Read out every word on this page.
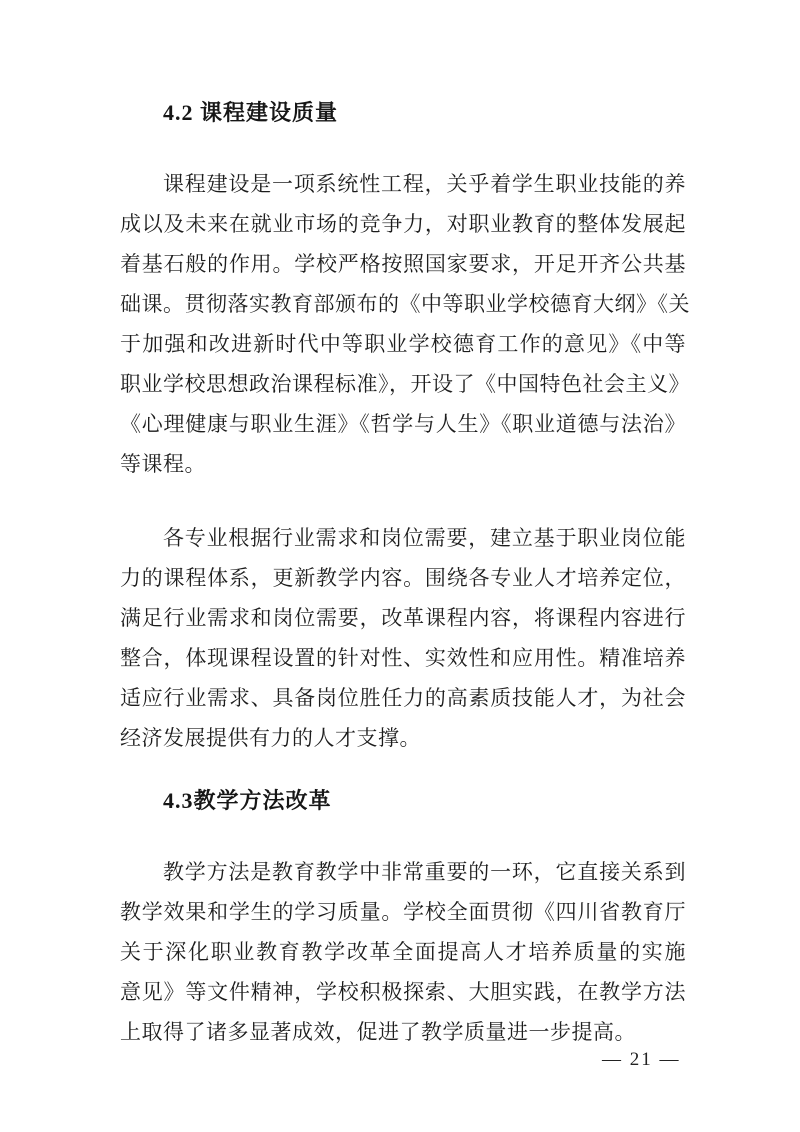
4.2 课程建设质量
课程建设是一项系统性工程，关乎着学生职业技能的养
成以及未来在就业市场的竞争力，对职业教育的整体发展起
着基石般的作用。学校严格按照国家要求，开足开齐公共基
础课。贯彻落实教育部颁布的《中等职业学校德育大纲》《关
于加强和改进新时代中等职业学校德育工作的意见》《中等
职业学校思想政治课程标准》，开设了《中国特色社会主义》
《心理健康与职业生涯》《哲学与人生》《职业道德与法治》
等课程。
各专业根据行业需求和岗位需要，建立基于职业岗位能
力的课程体系，更新教学内容。围绕各专业人才培养定位，
满足行业需求和岗位需要，改革课程内容，将课程内容进行
整合，体现课程设置的针对性、实效性和应用性。精准培养
适应行业需求、具备岗位胜任力的高素质技能人才，为社会
经济发展提供有力的人才支撑。
4.3教学方法改革
教学方法是教育教学中非常重要的一环，它直接关系到
教学效果和学生的学习质量。学校全面贯彻《四川省教育厅
关于深化职业教育教学改革全面提高人才培养质量的实施
意见》等文件精神，学校积极探索、大胆实践，在教学方法
上取得了诸多显著成效，促进了教学质量进一步提高。
— 21 —
